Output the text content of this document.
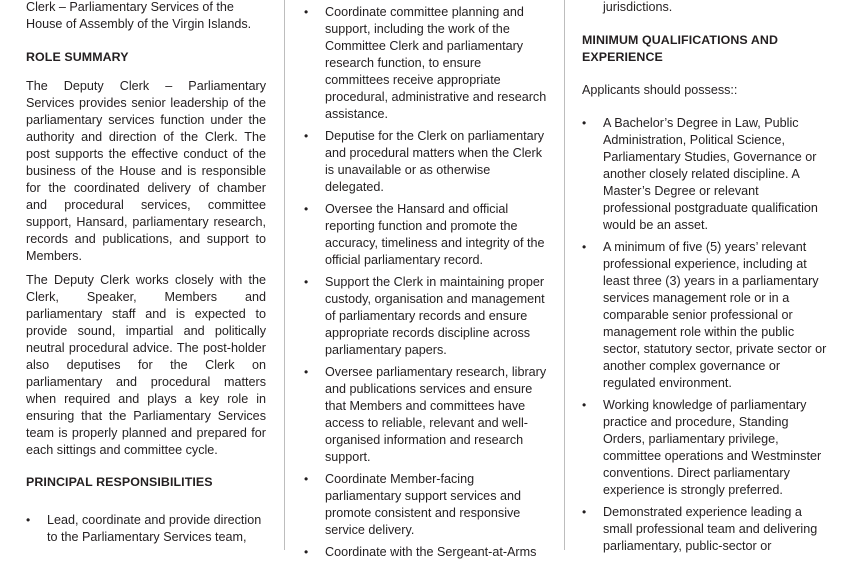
Clerk – Parliamentary Services of the House of Assembly of the Virgin Islands.

ROLE SUMMARY

The Deputy Clerk – Parliamentary Services provides senior leadership of the parliamentary services function under the authority and direction of the Clerk. The post supports the effective conduct of the business of the House and is responsible for the coordinated delivery of chamber and procedural services, committee support, Hansard, parliamentary research, records and publications, and support to Members.

The Deputy Clerk works closely with the Clerk, Speaker, Members and parliamentary staff and is expected to provide sound, impartial and politically neutral procedural advice. The post-holder also deputises for the Clerk on parliamentary and procedural matters when required and plays a key role in ensuring that the Parliamentary Services team is properly planned and prepared for each sittings and committee cycle.

PRINCIPAL RESPONSIBILITIES
• Lead, coordinate and provide direction to the Parliamentary Services team,
• Coordinate committee planning and support, including the work of the Committee Clerk and parliamentary research function, to ensure committees receive appropriate procedural, administrative and research assistance.
• Deputise for the Clerk on parliamentary and procedural matters when the Clerk is unavailable or as otherwise delegated.
• Oversee the Hansard and official reporting function and promote the accuracy, timeliness and integrity of the official parliamentary record.
• Support the Clerk in maintaining proper custody, organisation and management of parliamentary records and ensure appropriate records discipline across parliamentary papers.
• Oversee parliamentary research, library and publications services and ensure that Members and committees have access to reliable, relevant and well-organised information and research support.
• Coordinate Member-facing parliamentary support services and promote consistent and responsive service delivery.
• Coordinate with the Sergeant-at-Arms

jurisdictions.

MINIMUM QUALIFICATIONS AND EXPERIENCE

Applicants should possess::

• A Bachelor’s Degree in Law, Public Administration, Political Science, Parliamentary Studies, Governance or another closely related discipline. A Master’s Degree or relevant professional postgraduate qualification would be an asset.
• A minimum of five (5) years’ relevant professional experience, including at least three (3) years in a parliamentary services management role or in a comparable senior professional or management role within the public sector, statutory sector, private sector or another complex governance or regulated environment.
• Working knowledge of parliamentary practice and procedure, Standing Orders, parliamentary privilege, committee operations and Westminster conventions. Direct parliamentary experience is strongly preferred.
• Demonstrated experience leading a small professional team and delivering parliamentary, public-sector or
